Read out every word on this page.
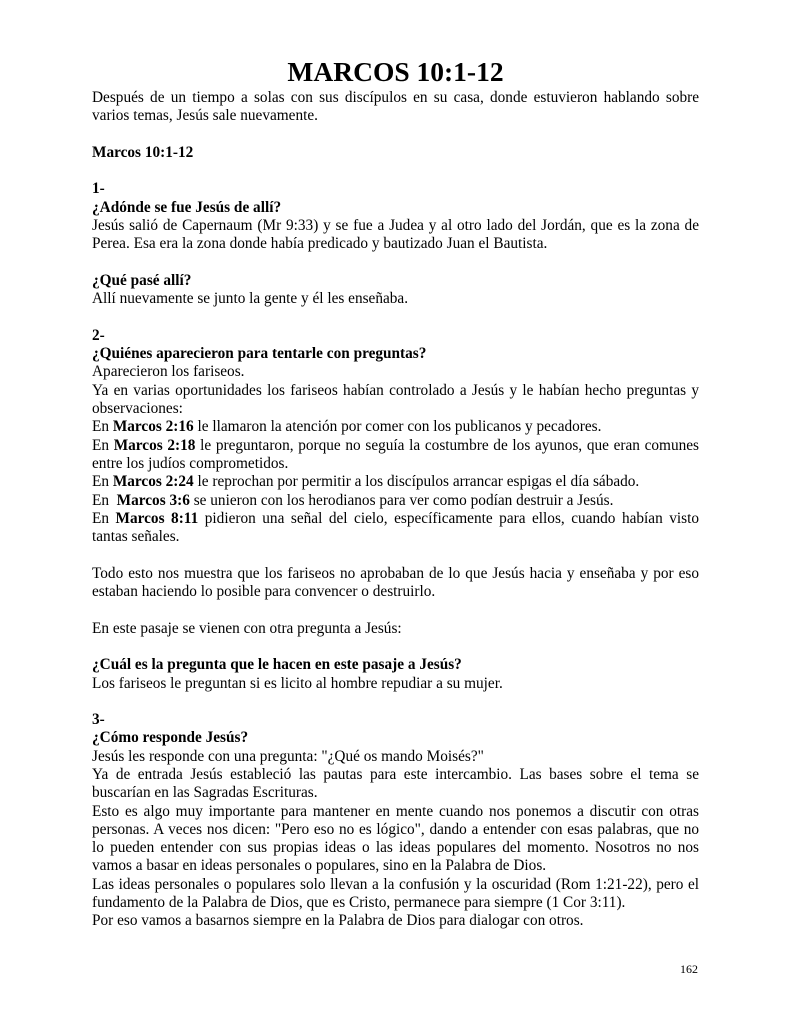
MARCOS 10:1-12

Después de un tiempo a solas con sus discípulos en su casa, donde estuvieron hablando sobre varios temas, Jesús sale nuevamente.

Marcos 10:1-12

1-

¿Adónde se fue Jesús de allí?

Jesús salió de Capernaum (Mr 9:33) y se fue a Judea y al otro lado del Jordán, que es la zona de Perea. Esa era la zona donde había predicado y bautizado Juan el Bautista.

¿Qué pasé allí?

Allí nuevamente se junto la gente y él les enseñaba.

2-

¿Quiénes aparecieron para tentarle con preguntas?

Aparecieron los fariseos.

Ya en varias oportunidades los fariseos habían controlado a Jesús y le habían hecho preguntas y observaciones:

En Marcos 2:16 le llamaron la atención por comer con los publicanos y pecadores.

En Marcos 2:18 le preguntaron, porque no seguía la costumbre de los ayunos, que eran comunes entre los judíos comprometidos.

En Marcos 2:24 le reprochan por permitir a los discípulos arrancar espigas el día sábado.

En  Marcos 3:6 se unieron con los herodianos para ver como podían destruir a Jesús.

En Marcos 8:11 pidieron una señal del cielo, específicamente para ellos, cuando habían visto tantas señales.

Todo esto nos muestra que los fariseos no aprobaban de lo que Jesús hacia y enseñaba y por eso estaban haciendo lo posible para convencer o destruirlo.

En este pasaje se vienen con otra pregunta a Jesús:

¿Cuál es la pregunta que le hacen en este pasaje a Jesús?

Los fariseos le preguntan si es licito al hombre repudiar a su mujer.

3-

¿Cómo responde Jesús?

Jesús les responde con una pregunta: "¿Qué os mando Moisés?"

Ya de entrada Jesús estableció las pautas para este intercambio. Las bases sobre el tema se buscarían en las Sagradas Escrituras.

Esto es algo muy importante para mantener en mente cuando nos ponemos a discutir con otras personas. A veces nos dicen: "Pero eso no es lógico", dando a entender con esas palabras, que no lo pueden entender con sus propias ideas o las ideas populares del momento. Nosotros no nos vamos a basar en ideas personales o populares, sino en la Palabra de Dios.

Las ideas personales o populares solo llevan a la confusión y la oscuridad (Rom 1:21-22), pero el fundamento de la Palabra de Dios, que es Cristo, permanece para siempre (1 Cor 3:11).

Por eso vamos a basarnos siempre en la Palabra de Dios para dialogar con otros.

162
